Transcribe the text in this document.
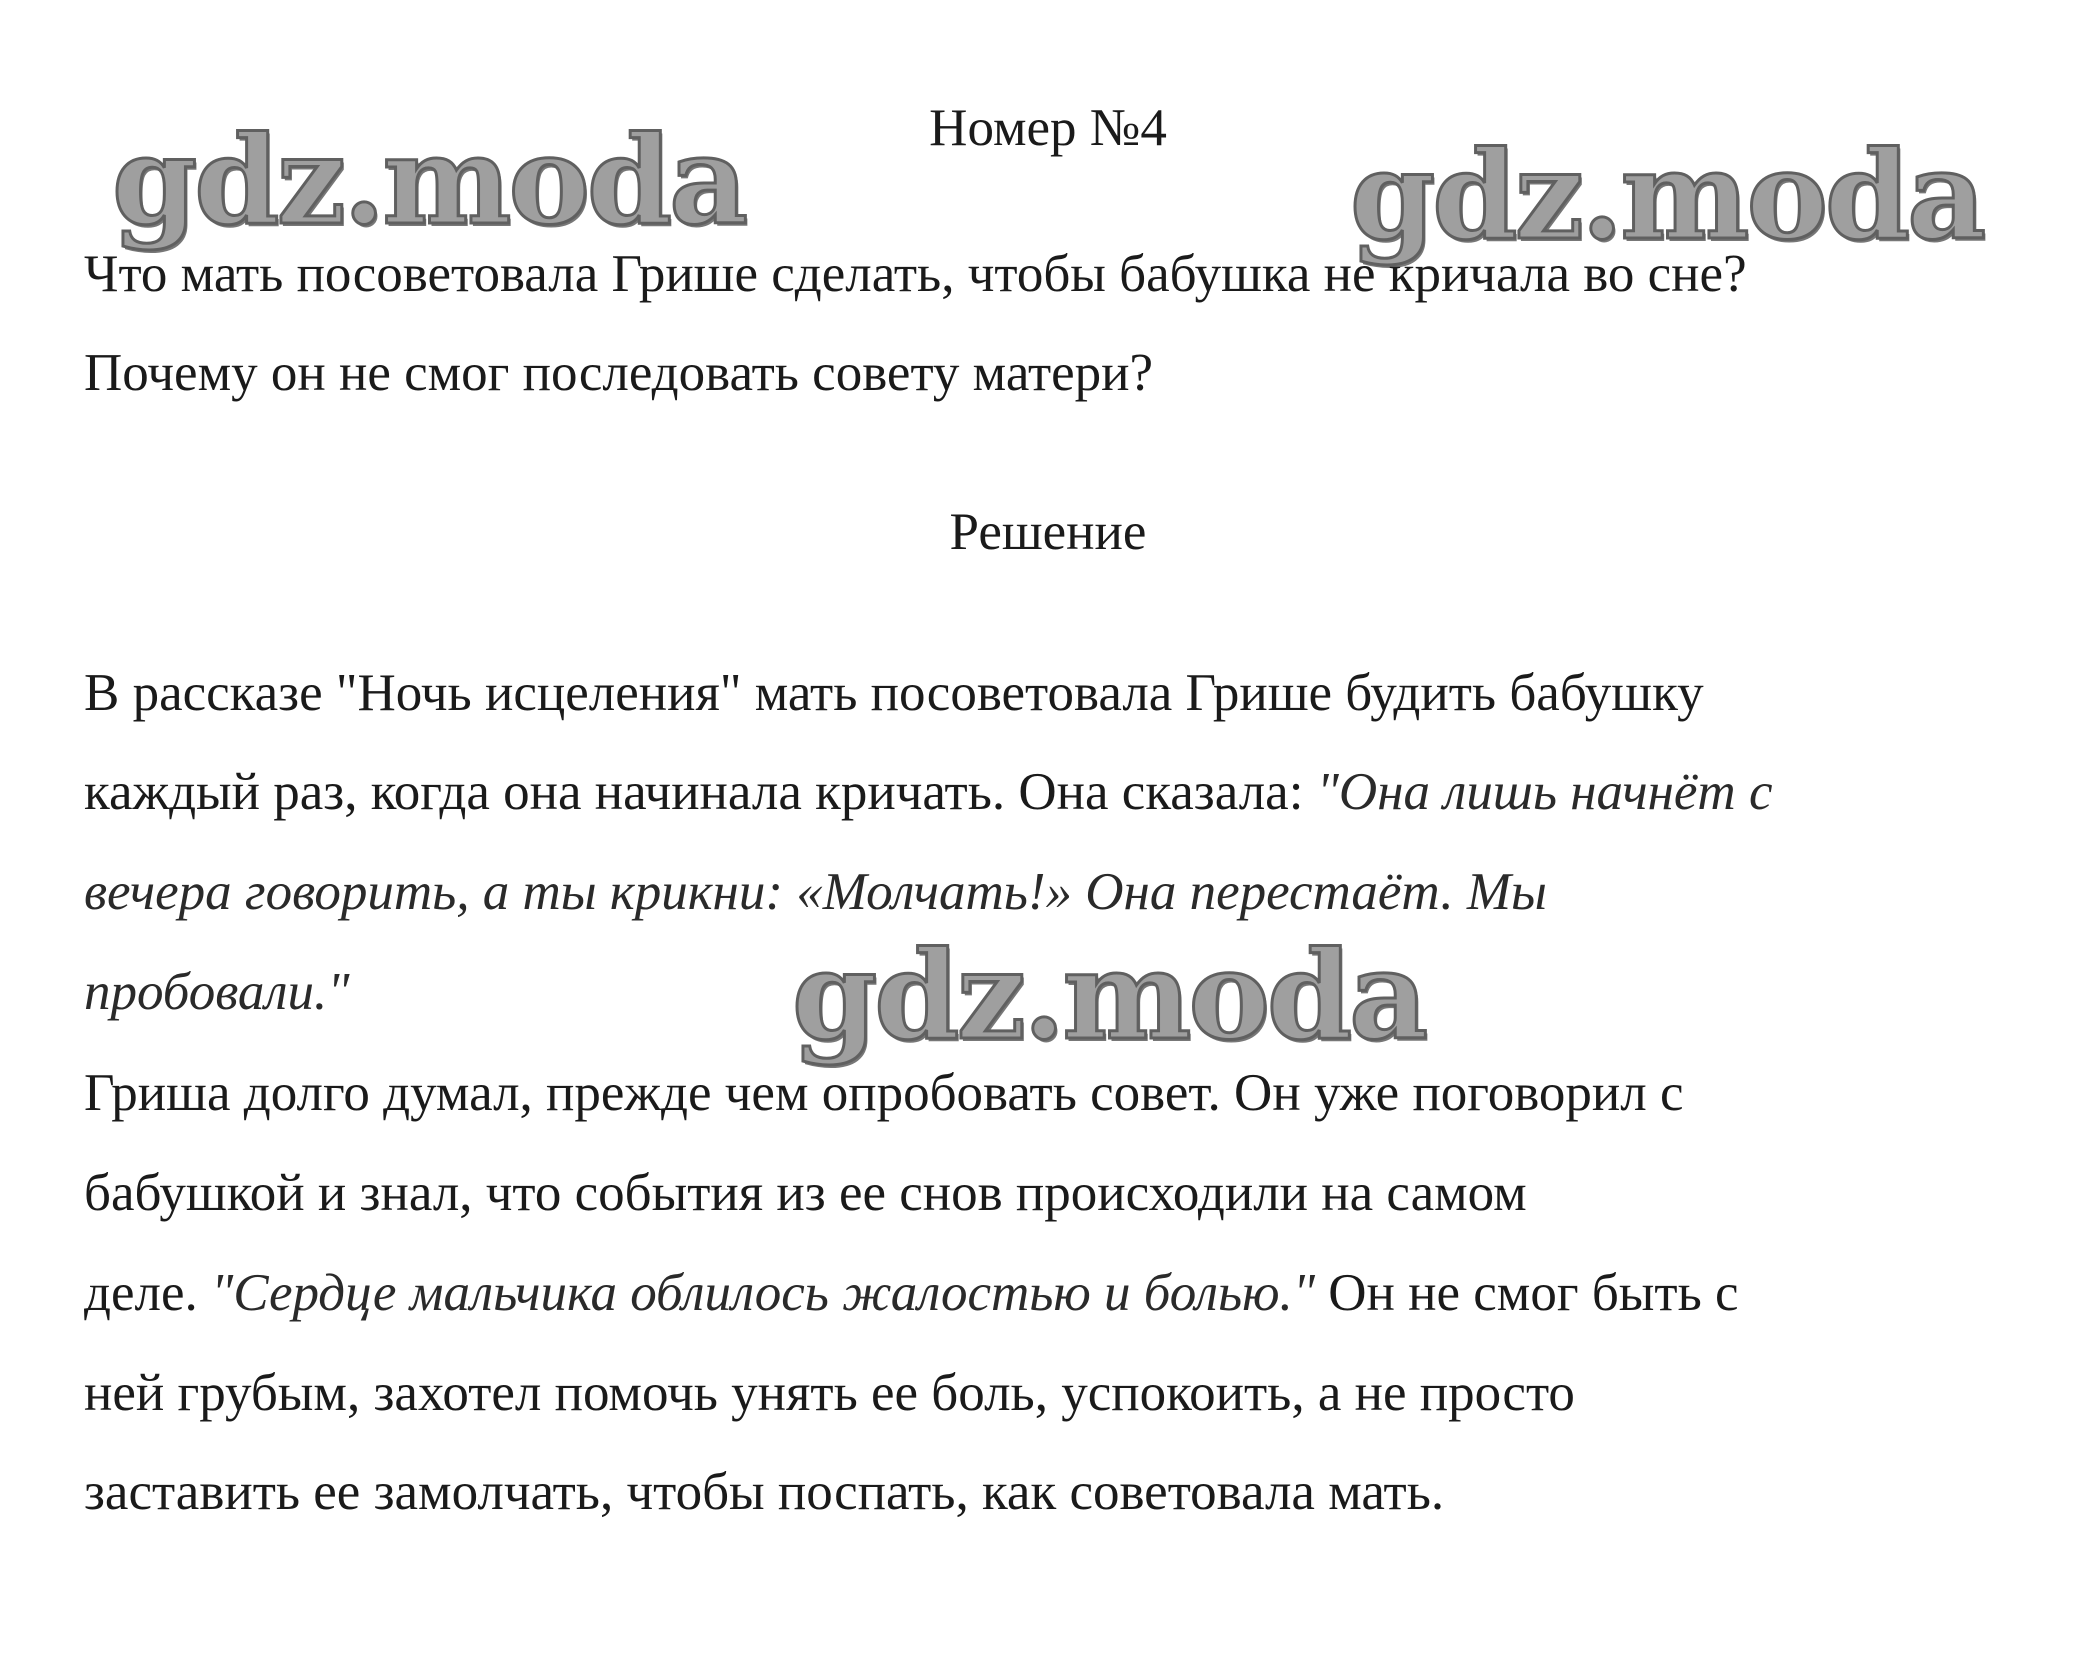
gdz.moda	gdz.moda
gdz.moda
Номер №4
Что мать посоветовала Грише сделать, чтобы бабушка не кричала во сне?
Почему он не смог последовать совету матери?
Решение
В рассказе "Ночь исцеления" мать посоветовала Грише будить бабушку
каждый раз, когда она начинала кричать. Она сказала: "Она лишь начнёт с
вечера говорить, а ты крикни: «Молчать!» Она перестаёт. Мы
пробовали."
Гриша долго думал, прежде чем опробовать совет. Он уже поговорил с
бабушкой и знал, что события из ее снов происходили на самом
деле. "Сердце мальчика облилось жалостью и болью." Он не смог быть с
ней грубым, захотел помочь унять ее боль, успокоить, а не просто
заставить ее замолчать, чтобы поспать, как советовала мать.
